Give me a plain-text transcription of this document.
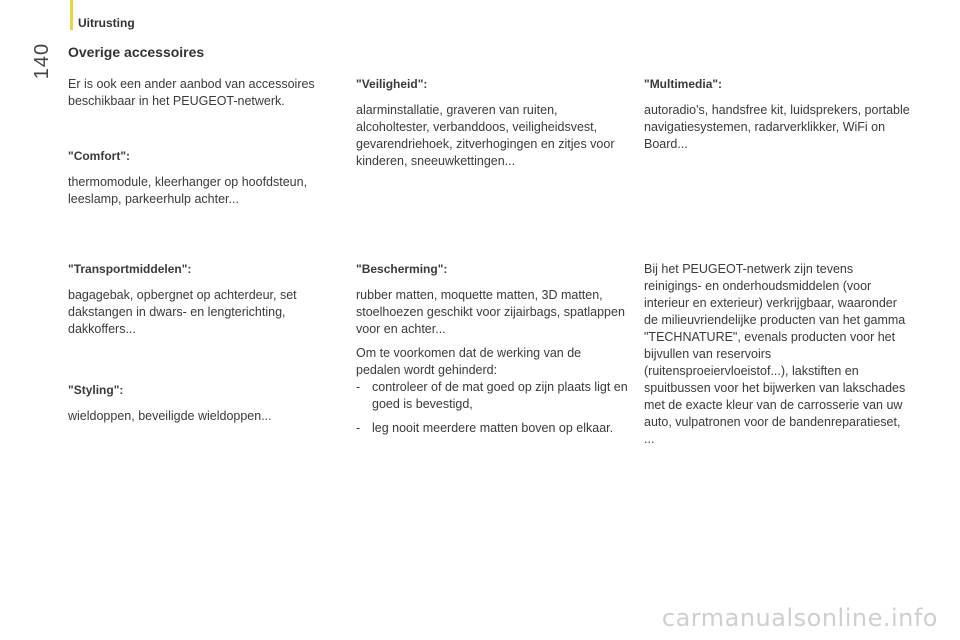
Uitrusting
140	Overige accessoires

Er is ook een ander aanbod van accessoires beschikbaar in het PEUGEOT-netwerk.

"Comfort":

thermomodule, kleerhanger op hoofdsteun, leeslamp, parkeerhulp achter...

"Transportmiddelen":

bagagebak, opbergnet op achterdeur, set dakstangen in dwars- en lengterichting, dakkoffers...

"Styling":

wieldoppen, beveiligde wieldoppen...

"Veiligheid":

alarminstallatie, graveren van ruiten, alcoholtester, verbanddoos, veiligheidsvest, gevarendriehoek, zitverhogingen en zitjes voor kinderen, sneeuwkettingen...

"Bescherming":

rubber matten, moquette matten, 3D matten, stoelhoezen geschikt voor zijairbags, spatlappen voor en achter...

Om te voorkomen dat de werking van de pedalen wordt gehinderd:

- controleer of de mat goed op zijn plaats ligt en goed is bevestigd,
- leg nooit meerdere matten boven op elkaar.
"Multimedia":

autoradio's, handsfree kit, luidsprekers, portable navigatiesystemen, radarverklikker, WiFi on Board...

Bij het PEUGEOT-netwerk zijn tevens reinigings- en onderhoudsmiddelen (voor interieur en exterieur) verkrijgbaar, waaronder de milieuvriendelijke producten van het gamma "TECHNATURE", evenals producten voor het bijvullen van reservoirs (ruitensproeiervloeistof...), lakstiften en spuitbussen voor het bijwerken van lakschades met de exacte kleur van de carrosserie van uw auto, vulpatronen voor de bandenreparatieset, ...

carmanualsonline.info
